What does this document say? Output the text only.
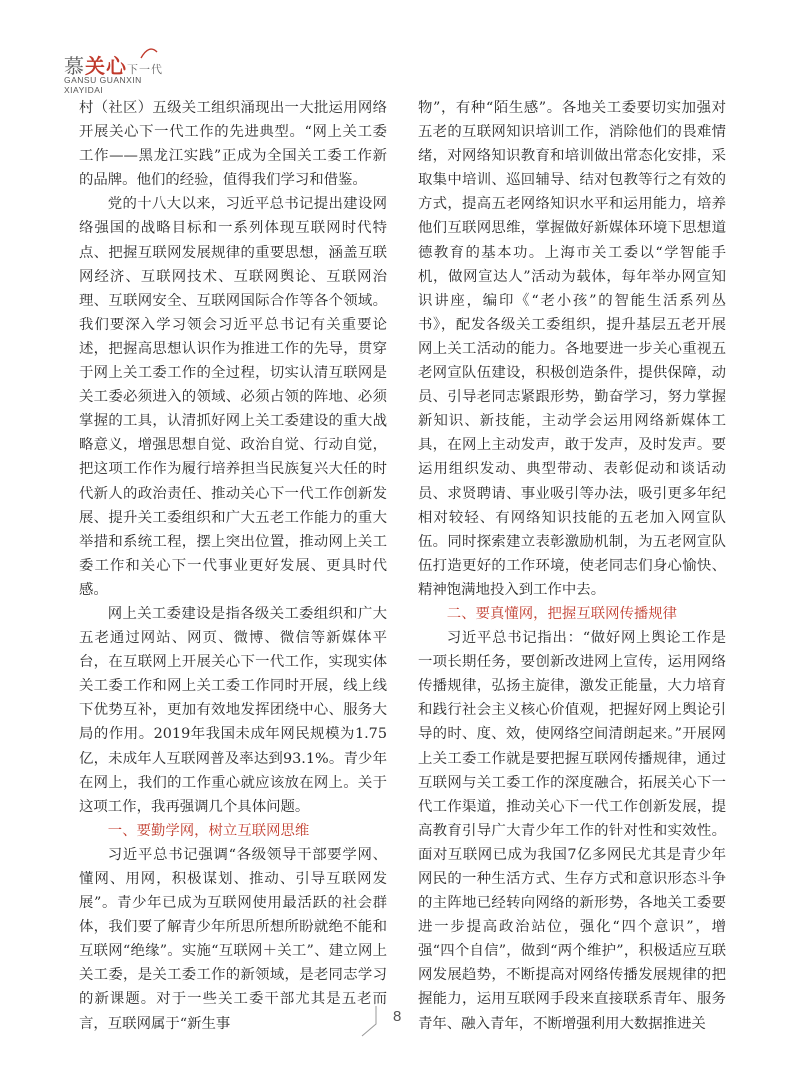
慕关心下一代
GANSU GUANXIN
XIAYIDAI

村（社区）五级关工组织涌现出一大批运用网络开展关心下一代工作的先进典型。“网上关工委工作——黑龙江实践”正成为全国关工委工作新的品牌。他们的经验，值得我们学习和借鉴。

党的十八大以来，习近平总书记提出建设网络强国的战略目标和一系列体现互联网时代特点、把握互联网发展规律的重要思想，涵盖互联网经济、互联网技术、互联网舆论、互联网治理、互联网安全、互联网国际合作等各个领域。我们要深入学习领会习近平总书记有关重要论述，把握高思想认识作为推进工作的先导，贯穿于网上关工委工作的全过程，切实认清互联网是关工委必须进入的领域、必须占领的阵地、必须掌握的工具，认清抓好网上关工委建设的重大战略意义，增强思想自觉、政治自觉、行动自觉，把这项工作作为履行培养担当民族复兴大任的时代新人的政治责任、推动关心下一代工作创新发展、提升关工委组织和广大五老工作能力的重大举措和系统工程，摆上突出位置，推动网上关工委工作和关心下一代事业更好发展、更具时代感。

网上关工委建设是指各级关工委组织和广大五老通过网站、网页、微博、微信等新媒体平台，在互联网上开展关心下一代工作，实现实体关工委工作和网上关工委工作同时开展，线上线下优势互补，更加有效地发挥团绕中心、服务大局的作用。2019年我国未成年网民规模为1.75亿，未成年人互联网普及率达到93.1%。青少年在网上，我们的工作重心就应该放在网上。关于这项工作，我再强调几个具体问题。

一、要勤学网，树立互联网思维

习近平总书记强调“各级领导干部要学网、懂网、用网，积极谋划、推动、引导互联网发展”。青少年已成为互联网使用最活跃的社会群体，我们要了解青少年所思所想所盼就绝不能和互联网“绝缘”。实施“互联网＋关工”、建立网上关工委，是关工委工作的新领域，是老同志学习的新课题。对于一些关工委干部尤其是五老而言，互联网属于“新生事

物”，有种“陌生感”。各地关工委要切实加强对五老的互联网知识培训工作，消除他们的畏难情绪，对网络知识教育和培训做出常态化安排，采取集中培训、巡回辅导、结对包教等行之有效的方式，提高五老网络知识水平和运用能力，培养他们互联网思维，掌握做好新媒体环境下思想道德教育的基本功。上海市关工委以“学智能手机，做网宣达人”活动为载体，每年举办网宣知识讲座，编印《“老小孩”的智能生活系列丛书》，配发各级关工委组织，提升基层五老开展网上关工活动的能力。各地要进一步关心重视五老网宣队伍建设，积极创造条件，提供保障，动员、引导老同志紧跟形势，勤奋学习，努力掌握新知识、新技能，主动学会运用网络新媒体工具，在网上主动发声，敢于发声，及时发声。要运用组织发动、典型带动、表彰促动和谈话动员、求贤聘请、事业吸引等办法，吸引更多年纪相对较轻、有网络知识技能的五老加入网宣队伍。同时探索建立表彰激励机制，为五老网宣队伍打造更好的工作环境，使老同志们身心愉快、精神饱满地投入到工作中去。

二、要真懂网，把握互联网传播规律

习近平总书记指出：“做好网上舆论工作是一项长期任务，要创新改进网上宣传，运用网络传播规律，弘扬主旋律，激发正能量，大力培育和践行社会主义核心价值观，把握好网上舆论引导的时、度、效，使网络空间清朗起来。”开展网上关工委工作就是要把握互联网传播规律，通过互联网与关工委工作的深度融合，拓展关心下一代工作渠道，推动关心下一代工作创新发展，提高教育引导广大青少年工作的针对性和实效性。面对互联网已成为我国7亿多网民尤其是青少年网民的一种生活方式、生存方式和意识形态斗争的主阵地已经转向网络的新形势，各地关工委要进一步提高政治站位，强化“四个意识”，增强“四个自信”，做到“两个维护”，积极适应互联网发展趋势，不断提高对网络传播发展规律的把握能力，运用互联网手段来直接联系青年、服务青年、融入青年，不断增强利用大数据推进关

8
